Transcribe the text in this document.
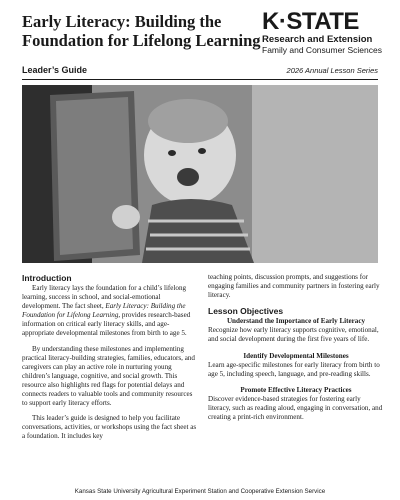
Early Literacy: Building the
Foundation for Lifelong Learning
K·STATE
Research and Extension
Family and Consumer Sciences
Leader’s Guide	2026 Annual Lesson Series
Introduction

Early literacy lays the foundation for a child’s lifelong learning, success in school, and social-emotional development. The fact sheet, Early Literacy: Building the Foundation for Lifelong Learning, provides research-based information on critical early literacy skills, and age-appropriate developmental milestones from birth to age 5.

By understanding these milestones and implementing practical literacy-building strategies, families, educators, and caregivers can play an active role in nurturing young children’s language, cognitive, and social growth. This resource also highlights red flags for potential delays and connects readers to valuable tools and community resources to support early literacy efforts.

This leader’s guide is designed to help you facilitate conversations, activities, or workshops using the fact sheet as a foundation. It includes key

teaching points, discussion prompts, and suggestions for engaging families and community partners in fostering early literacy.

Lesson Objectives
Understand the Importance of Early Literacy
Recognize how early literacy supports cognitive, emotional, and social development during the first five years of life.
Identify Developmental Milestones
Learn age-specific milestones for early literacy from birth to age 5, including speech, language, and pre-reading skills.
Promote Effective Literacy Practices
Discover evidence-based strategies for fostering early literacy, such as reading aloud, engaging in conversation, and creating a print-rich environment.
Kansas State University Agricultural Experiment Station and Cooperative Extension Service
